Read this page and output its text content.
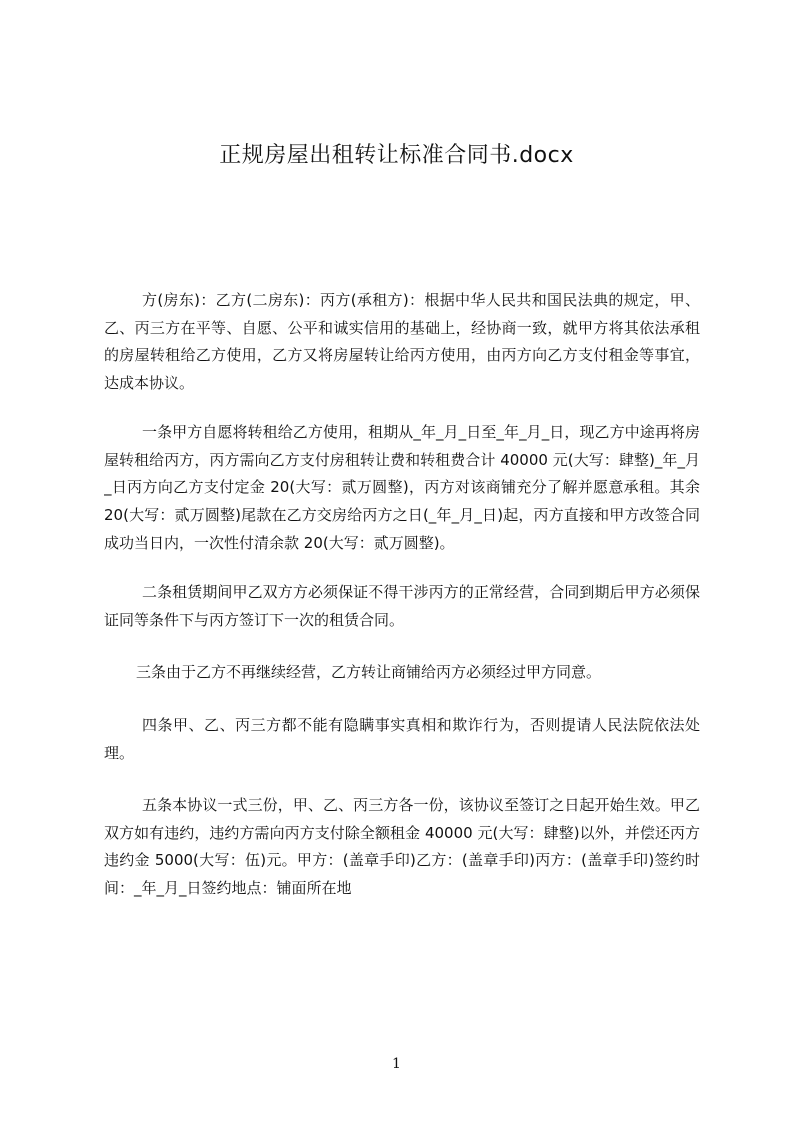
正规房屋出租转让标准合同书.docx

方(房东)：乙方(二房东)：丙方(承租方)：根据中华人民共和国民法典的规定，甲、乙、丙三方在平等、自愿、公平和诚实信用的基础上，经协商一致，就甲方将其依法承租的房屋转租给乙方使用，乙方又将房屋转让给丙方使用，由丙方向乙方支付租金等事宜，达成本协议。

一条甲方自愿将转租给乙方使用，租期从_年_月_日至_年_月_日，现乙方中途再将房屋转租给丙方，丙方需向乙方支付房租转让费和转租费合计 40000 元(大写：肆整)_年_月_日丙方向乙方支付定金 20(大写：贰万圆整)，丙方对该商铺充分了解并愿意承租。其余 20(大写：贰万圆整)尾款在乙方交房给丙方之日(_年_月_日)起，丙方直接和甲方改签合同成功当日内，一次性付清余款 20(大写：贰万圆整)。

二条租赁期间甲乙双方方必须保证不得干涉丙方的正常经营，合同到期后甲方必须保证同等条件下与丙方签订下一次的租赁合同。

三条由于乙方不再继续经营，乙方转让商铺给丙方必须经过甲方同意。

四条甲、乙、丙三方都不能有隐瞒事实真相和欺诈行为，否则提请人民法院依法处理。

五条本协议一式三份，甲、乙、丙三方各一份，该协议至签订之日起开始生效。甲乙双方如有违约，违约方需向丙方支付除全额租金 40000 元(大写：肆整)以外，并偿还丙方违约金 5000(大写：伍)元。甲方：(盖章手印)乙方：(盖章手印)丙方：(盖章手印)签约时间：_年_月_日签约地点：铺面所在地

1
